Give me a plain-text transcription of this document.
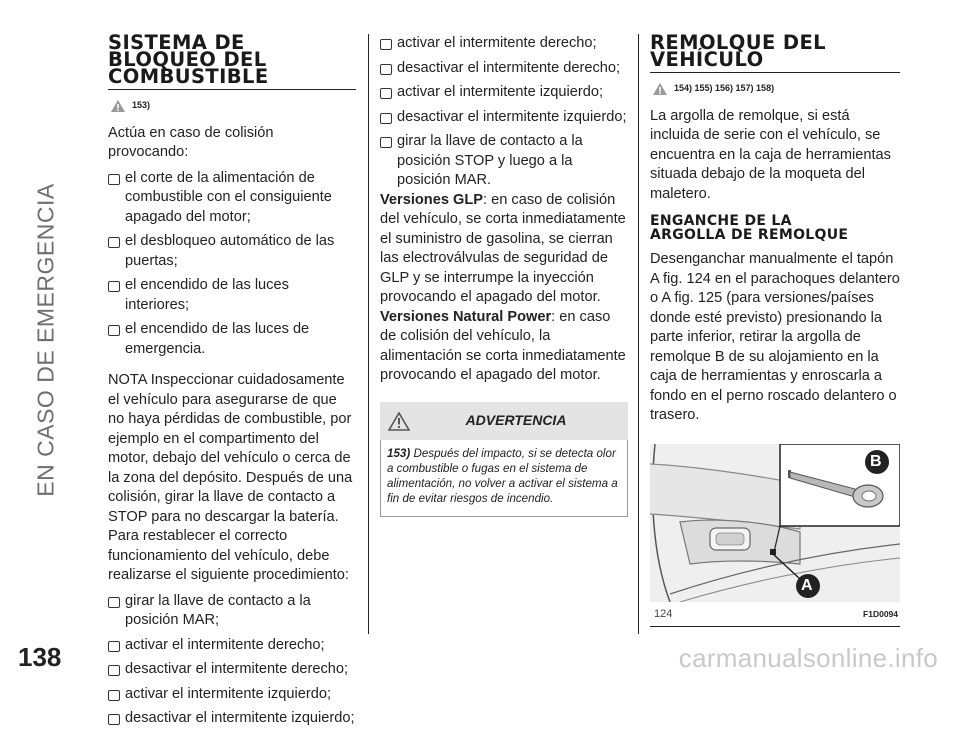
EN CASO DE EMERGENCIA
SISTEMA DE
BLOQUEO DEL
COMBUSTIBLE
153)

Actúa en caso de colisión provocando:

el corte de la alimentación de combustible con el consiguiente apagado del motor;
el desbloqueo automático de las puertas;
el encendido de las luces interiores;
el encendido de las luces de emergencia.

NOTA Inspeccionar cuidadosamente el vehículo para asegurarse de que no haya pérdidas de combustible, por ejemplo en el compartimento del motor, debajo del vehículo o cerca de la zona del depósito. Después de una colisión, girar la llave de contacto a STOP para no descargar la batería.

Para restablecer el correcto funcionamiento del vehículo, debe realizarse el siguiente procedimiento:

girar la llave de contacto a la posición MAR;
activar el intermitente derecho;
desactivar el intermitente derecho;
activar el intermitente izquierdo;
desactivar el intermitente izquierdo;
activar el intermitente derecho;
desactivar el intermitente derecho;
activar el intermitente izquierdo;
desactivar el intermitente izquierdo;
girar la llave de contacto a la posición STOP y luego a la posición MAR.

Versiones GLP: en caso de colisión del vehículo, se corta inmediatamente el suministro de gasolina, se cierran las electroválvulas de seguridad de GLP y se interrumpe la inyección provocando el apagado del motor.

Versiones Natural Power: en caso de colisión del vehículo, la alimentación se corta inmediatamente provocando el apagado del motor.

ADVERTENCIA
153) Después del impacto, si se detecta olor a combustible o fugas en el sistema de alimentación, no volver a activar el sistema a fin de evitar riesgos de incendio.
REMOLQUE DEL
VEHÍCULO
154) 155) 156) 157) 158)

La argolla de remolque, si está incluida de serie con el vehículo, se encuentra en la caja de herramientas situada debajo de la moqueta del maletero.

ENGANCHE DE LA
ARGOLLA DE REMOLQUE

Desenganchar manualmente el tapón A fig. 124 en el parachoques delantero o A fig. 125 (para versiones/países donde esté previsto) presionando la parte inferior, retirar la argolla de remolque B de su alojamiento en la caja de herramientas y enroscarla a fondo en el perno roscado delantero o trasero.

B
A
124	F1D0094
138	carmanualsonline.info
